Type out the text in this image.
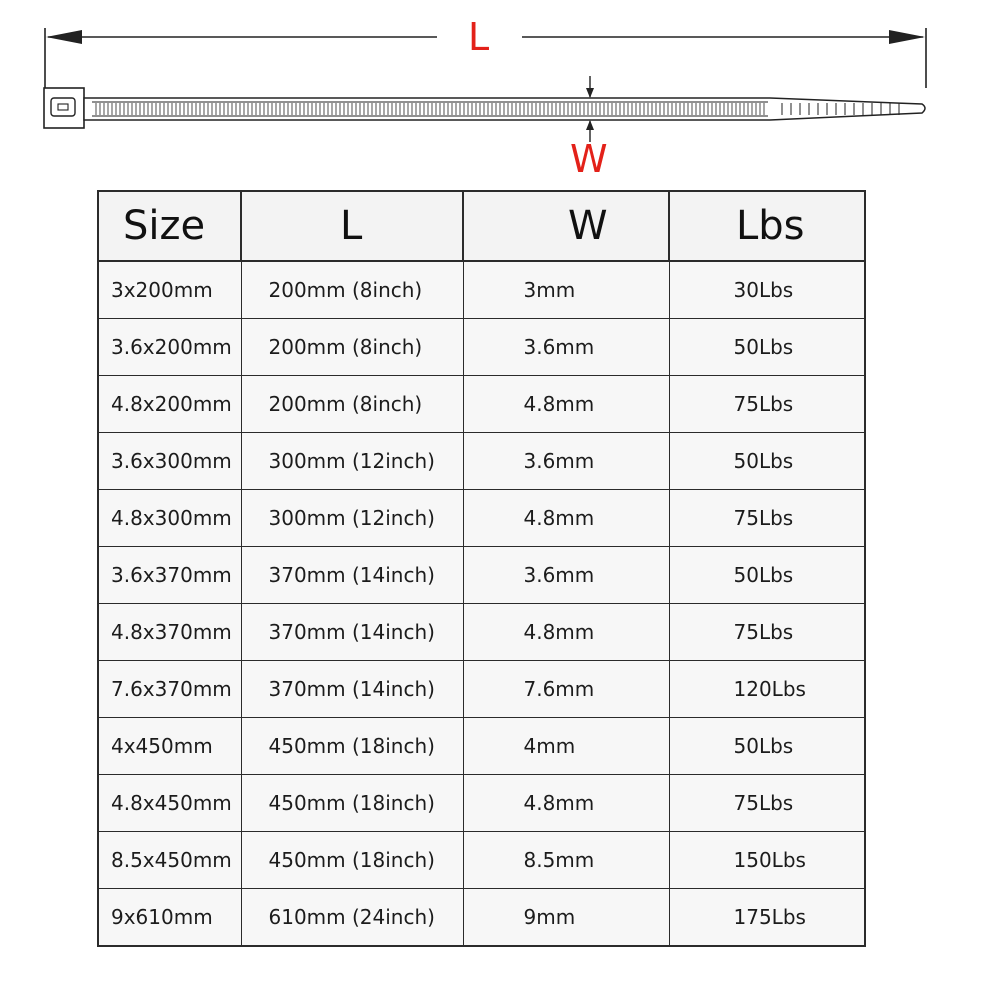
L
W
Size	L	W	Lbs
3x200mm	200mm (8inch)	3mm	30Lbs
3.6x200mm	200mm (8inch)	3.6mm	50Lbs
4.8x200mm	200mm (8inch)	4.8mm	75Lbs
3.6x300mm	300mm (12inch)	3.6mm	50Lbs
4.8x300mm	300mm (12inch)	4.8mm	75Lbs
3.6x370mm	370mm (14inch)	3.6mm	50Lbs
4.8x370mm	370mm (14inch)	4.8mm	75Lbs
7.6x370mm	370mm (14inch)	7.6mm	120Lbs
4x450mm	450mm (18inch)	4mm	50Lbs
4.8x450mm	450mm (18inch)	4.8mm	75Lbs
8.5x450mm	450mm (18inch)	8.5mm	150Lbs
9x610mm	610mm (24inch)	9mm	175Lbs
